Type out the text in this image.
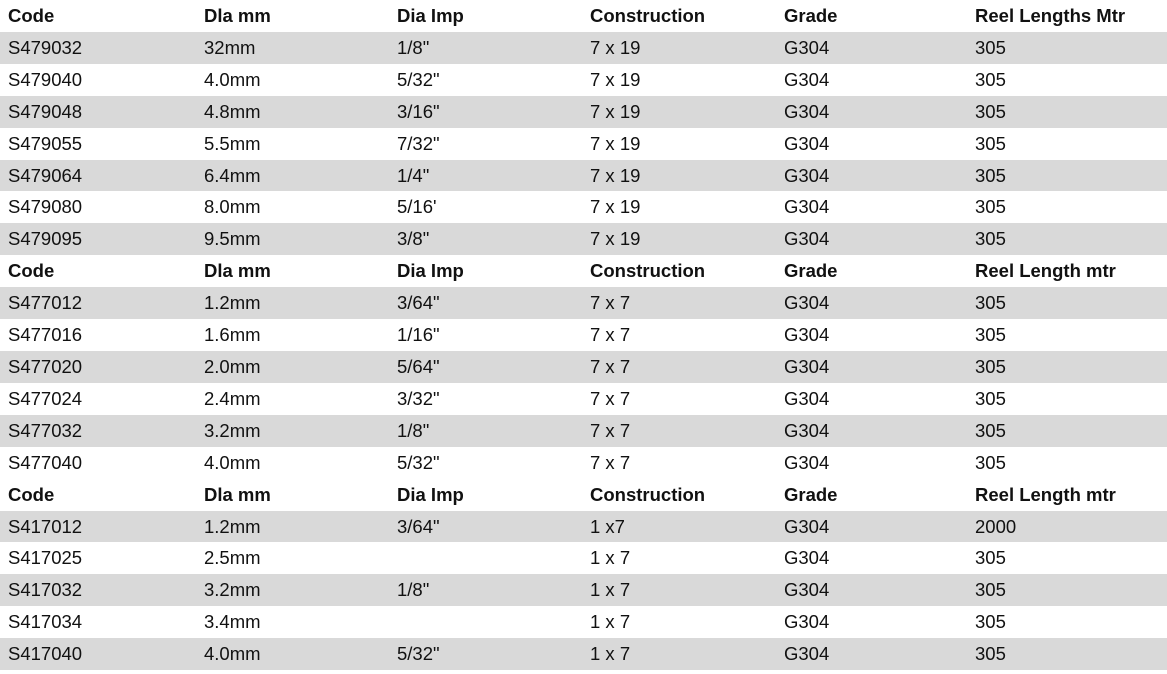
Code	Dla mm	Dia Imp	Construction	Grade	Reel Lengths Mtr
S479032	32mm	1/8"	7 x 19	G304	305
S479040	4.0mm	5/32"	7 x 19	G304	305
S479048	4.8mm	3/16"	7 x 19	G304	305
S479055	5.5mm	7/32"	7 x 19	G304	305
S479064	6.4mm	1/4"	7 x 19	G304	305
S479080	8.0mm	5/16'	7 x 19	G304	305
S479095	9.5mm	3/8"	7 x 19	G304	305
Code	Dla mm	Dia Imp	Construction	Grade	Reel Length mtr
S477012	1.2mm	3/64"	7 x 7	G304	305
S477016	1.6mm	1/16"	7 x 7	G304	305
S477020	2.0mm	5/64"	7 x 7	G304	305
S477024	2.4mm	3/32"	7 x 7	G304	305
S477032	3.2mm	1/8"	7 x 7	G304	305
S477040	4.0mm	5/32"	7 x 7	G304	305
Code	Dla mm	Dia Imp	Construction	Grade	Reel Length mtr
S417012	1.2mm	3/64"	1 x7	G304	2000
S417025	2.5mm		1 x 7	G304	305
S417032	3.2mm	1/8"	1 x 7	G304	305
S417034	3.4mm		1 x 7	G304	305
S417040	4.0mm	5/32"	1 x 7	G304	305
